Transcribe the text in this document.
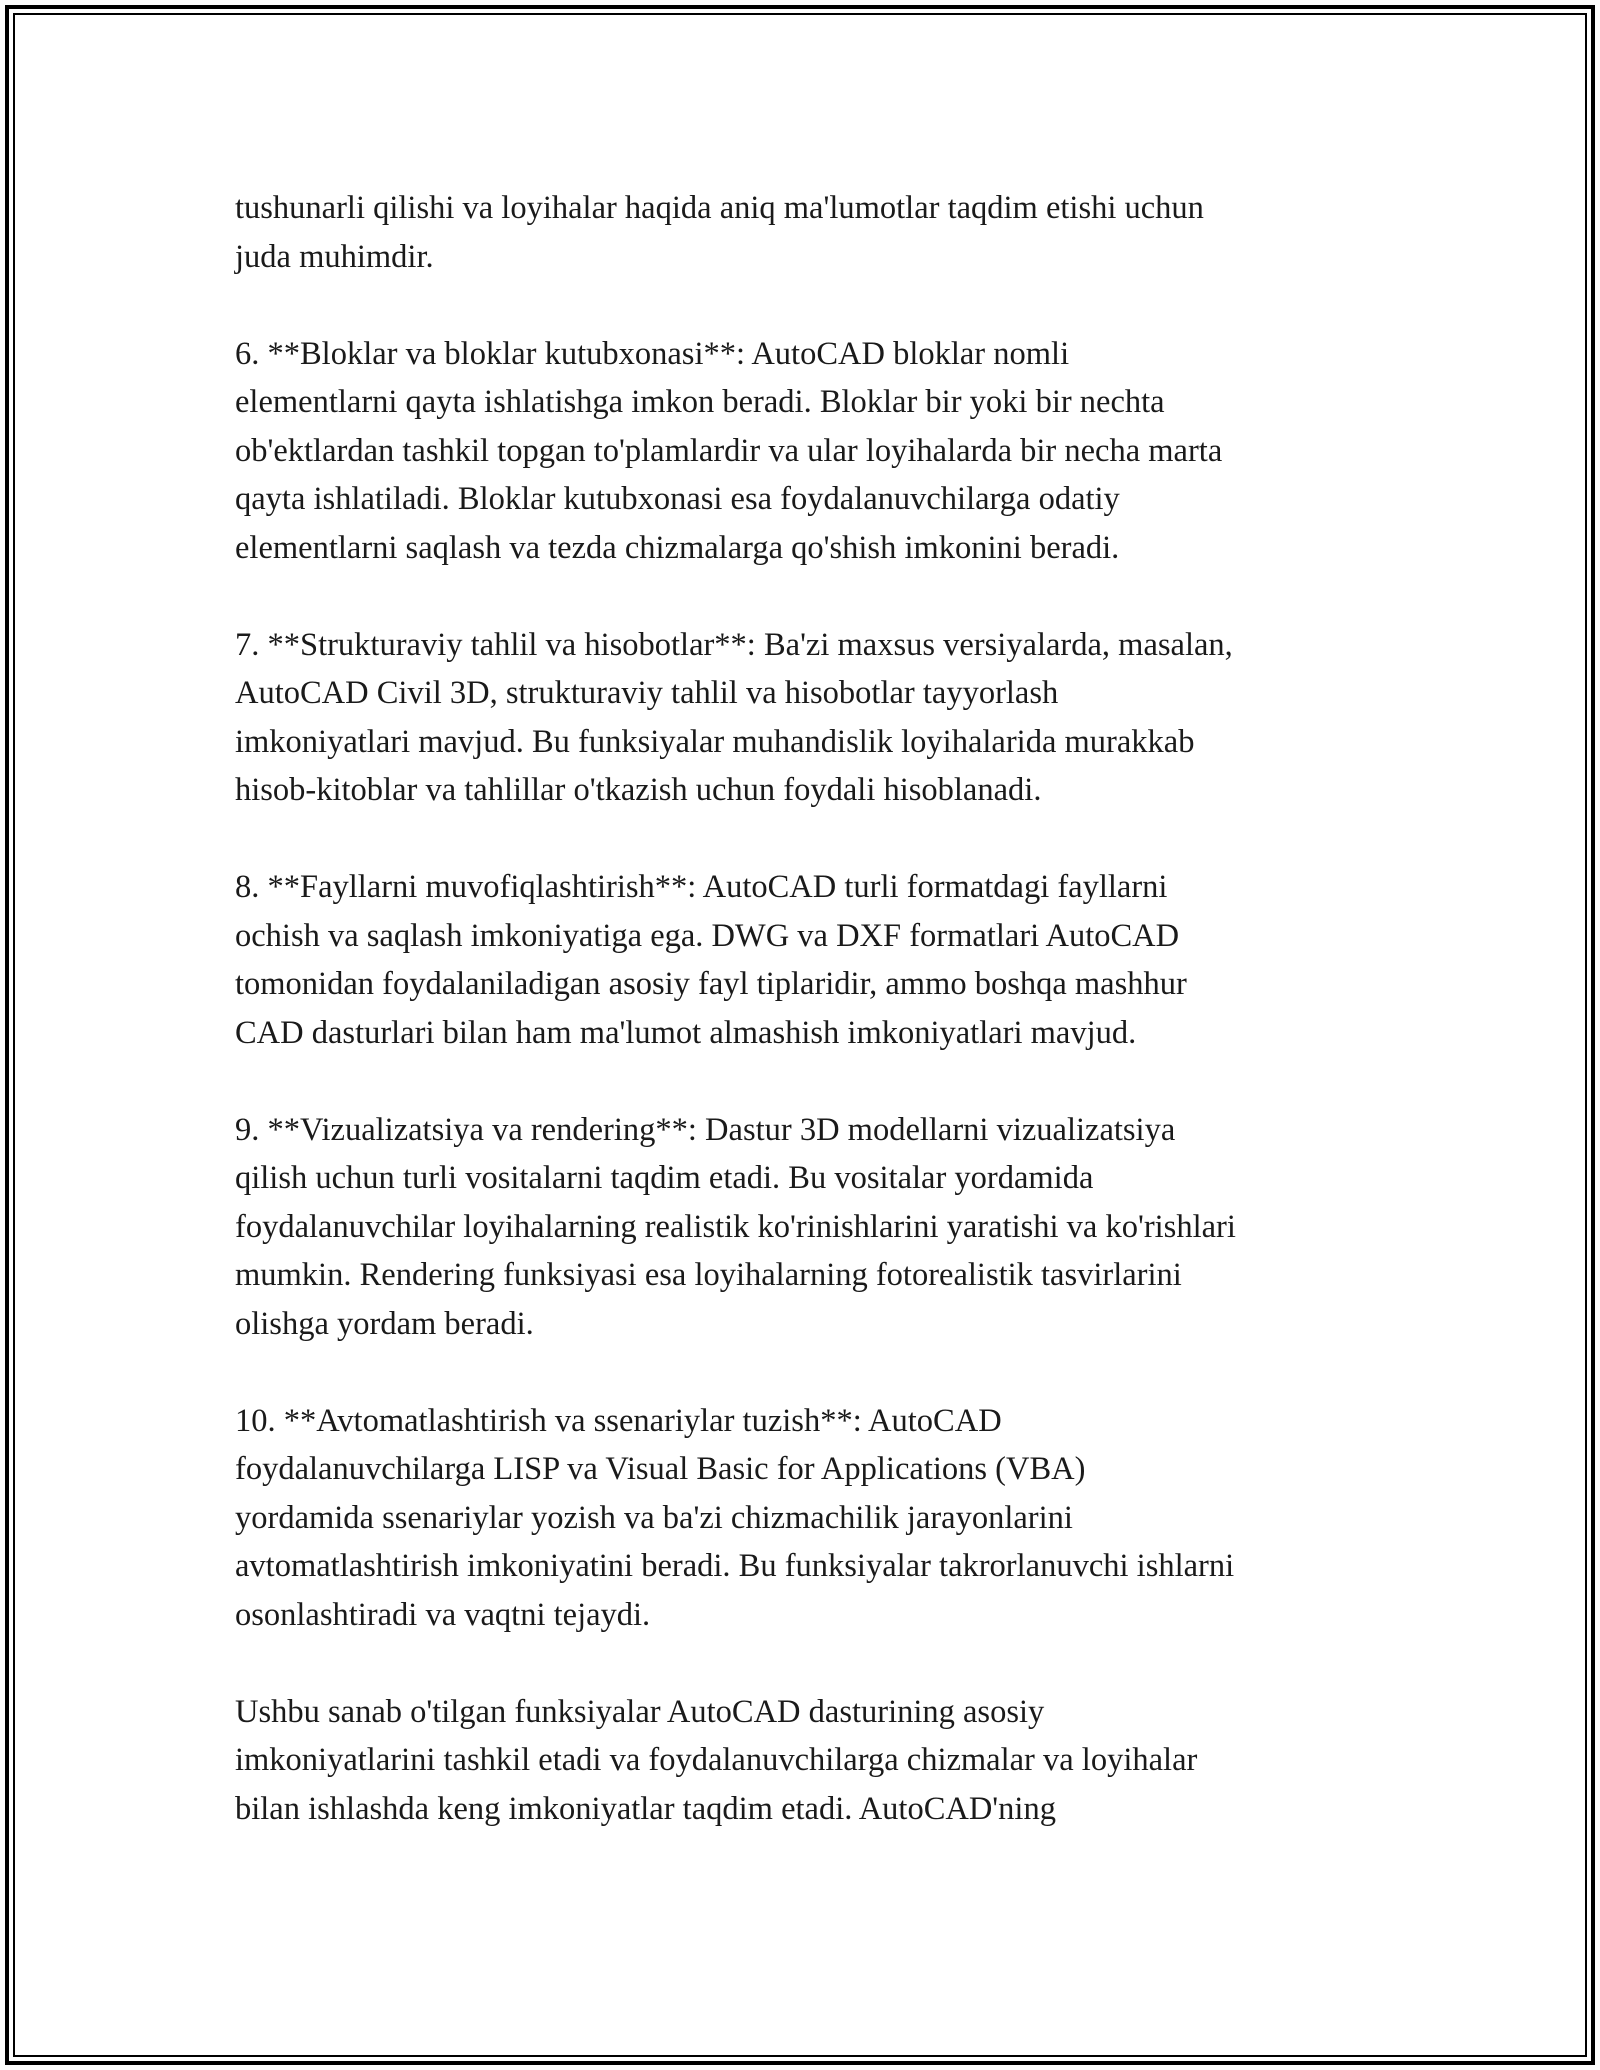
tushunarli qilishi va loyihalar haqida aniq ma'lumotlar taqdim etishi uchun
juda muhimdir.

6. **Bloklar va bloklar kutubxonasi**: AutoCAD bloklar nomli
elementlarni qayta ishlatishga imkon beradi. Bloklar bir yoki bir nechta
ob'ektlardan tashkil topgan to'plamlardir va ular loyihalarda bir necha marta
qayta ishlatiladi. Bloklar kutubxonasi esa foydalanuvchilarga odatiy
elementlarni saqlash va tezda chizmalarga qo'shish imkonini beradi.

7. **Strukturaviy tahlil va hisobotlar**: Ba'zi maxsus versiyalarda, masalan,
AutoCAD Civil 3D, strukturaviy tahlil va hisobotlar tayyorlash
imkoniyatlari mavjud. Bu funksiyalar muhandislik loyihalarida murakkab
hisob-kitoblar va tahlillar o'tkazish uchun foydali hisoblanadi.

8. **Fayllarni muvofiqlashtirish**: AutoCAD turli formatdagi fayllarni
ochish va saqlash imkoniyatiga ega. DWG va DXF formatlari AutoCAD
tomonidan foydalaniladigan asosiy fayl tiplaridir, ammo boshqa mashhur
CAD dasturlari bilan ham ma'lumot almashish imkoniyatlari mavjud.

9. **Vizualizatsiya va rendering**: Dastur 3D modellarni vizualizatsiya
qilish uchun turli vositalarni taqdim etadi. Bu vositalar yordamida
foydalanuvchilar loyihalarning realistik ko'rinishlarini yaratishi va ko'rishlari
mumkin. Rendering funksiyasi esa loyihalarning fotorealistik tasvirlarini
olishga yordam beradi.

10. **Avtomatlashtirish va ssenariylar tuzish**: AutoCAD
foydalanuvchilarga LISP va Visual Basic for Applications (VBA)
yordamida ssenariylar yozish va ba'zi chizmachilik jarayonlarini
avtomatlashtirish imkoniyatini beradi. Bu funksiyalar takrorlanuvchi ishlarni
osonlashtiradi va vaqtni tejaydi.

Ushbu sanab o'tilgan funksiyalar AutoCAD dasturining asosiy
imkoniyatlarini tashkil etadi va foydalanuvchilarga chizmalar va loyihalar
bilan ishlashda keng imkoniyatlar taqdim etadi. AutoCAD'ning
